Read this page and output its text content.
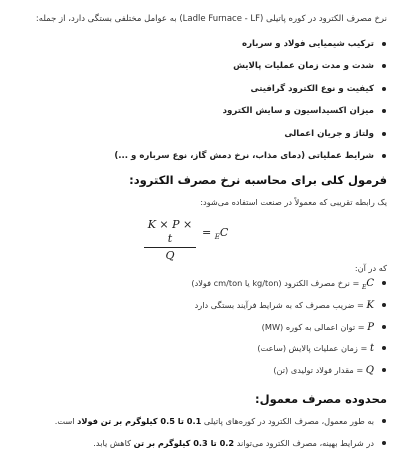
نرخ مصرف الکترود در کوره پاتیلی (Ladle Furnace - LF) به عوامل مختلفی بستگی دارد، از جمله:

ترکیب شیمیایی فولاد و سرباره
شدت و مدت زمان عملیات پالایش
کیفیت و نوع الکترود گرافیتی
میزان اکسیداسیون و سایش الکترود
ولتاژ و جریان اعمالی
شرایط عملیاتی (دمای مذاب، نرخ دمش گاز، نوع سرباره و ...)
فرمول کلی برای محاسبه نرخ مصرف الکترود:

یک رابطه تقریبی که معمولاً در صنعت استفاده می‌شود:

K × P × t
Q
= $_E$C

که در آن:

$_E$C = نرخ مصرف الکترود (kg/ton یا cm/ton فولاد)
K = ضریب مصرف که به شرایط فرآیند بستگی دارد
P = توان اعمالی به کوره (MW)
t = زمان عملیات پالایش (ساعت)
Q = مقدار فولاد تولیدی (تن)
محدوده مصرف معمول:
به طور معمول، مصرف الکترود در کوره‌های پاتیلی 0.1 تا 0.5 کیلوگرم بر تن فولاد است.
در شرایط بهینه، مصرف الکترود می‌تواند 0.2 تا 0.3 کیلوگرم بر تن کاهش یابد.
